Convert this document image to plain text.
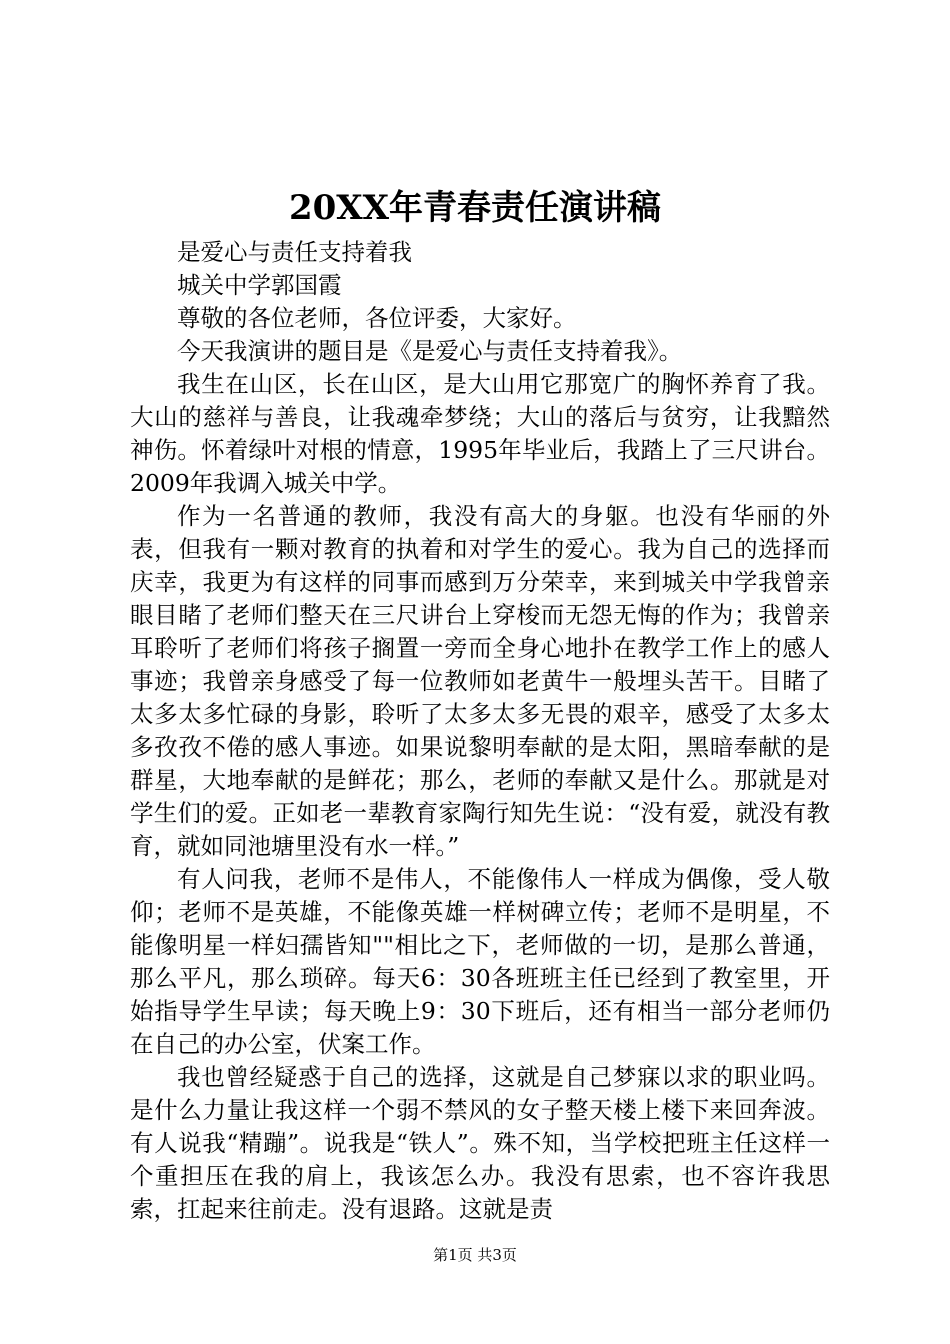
20XX年青春责任演讲稿

是爱心与责任支持着我

城关中学郭国霞

尊敬的各位老师，各位评委，大家好。

今天我演讲的题目是《是爱心与责任支持着我》。

我生在山区，长在山区，是大山用它那宽广的胸怀养育了我。大山的慈祥与善良，让我魂牵梦绕；大山的落后与贫穷，让我黯然神伤。怀着绿叶对根的情意，1995年毕业后，我踏上了三尺讲台。2009年我调入城关中学。

作为一名普通的教师，我没有高大的身躯。也没有华丽的外表，但我有一颗对教育的执着和对学生的爱心。我为自己的选择而庆幸，我更为有这样的同事而感到万分荣幸，来到城关中学我曾亲眼目睹了老师们整天在三尺讲台上穿梭而无怨无悔的作为；我曾亲耳聆听了老师们将孩子搁置一旁而全身心地扑在教学工作上的感人事迹；我曾亲身感受了每一位教师如老黄牛一般埋头苦干。目睹了太多太多忙碌的身影，聆听了太多太多无畏的艰辛，感受了太多太多孜孜不倦的感人事迹。如果说黎明奉献的是太阳，黑暗奉献的是群星，大地奉献的是鲜花；那么，老师的奉献又是什么。那就是对学生们的爱。正如老一辈教育家陶行知先生说：“没有爱，就没有教育，就如同池塘里没有水一样。”

有人问我，老师不是伟人，不能像伟人一样成为偶像，受人敬仰；老师不是英雄，不能像英雄一样树碑立传；老师不是明星，不能像明星一样妇孺皆知""相比之下，老师做的一切，是那么普通，那么平凡，那么琐碎。每天6：30各班班主任已经到了教室里，开始指导学生早读；每天晚上9：30下班后，还有相当一部分老师仍在自己的办公室，伏案工作。

我也曾经疑惑于自己的选择，这就是自己梦寐以求的职业吗。是什么力量让我这样一个弱不禁风的女子整天楼上楼下来回奔波。有人说我“精蹦”。说我是“铁人”。殊不知，当学校把班主任这样一个重担压在我的肩上，我该怎么办。我没有思索，也不容许我思索，扛起来往前走。没有退路。这就是责

第1页 共3页
